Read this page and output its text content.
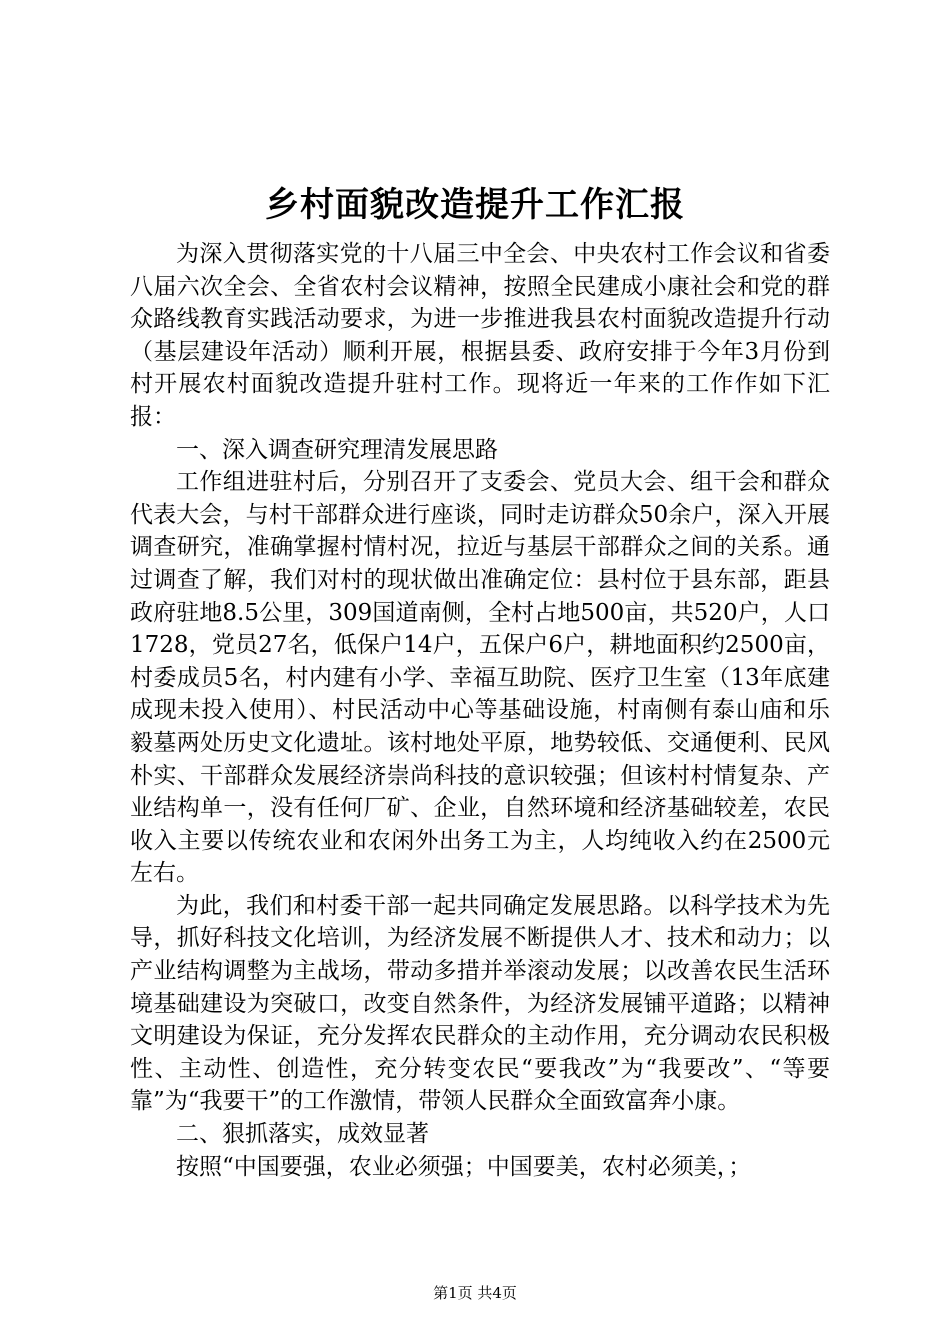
乡村面貌改造提升工作汇报

为深入贯彻落实党的十八届三中全会、中央农村工作会议和省委八届六次全会、全省农村会议精神，按照全民建成小康社会和党的群众路线教育实践活动要求，为进一步推进我县农村面貌改造提升行动（基层建设年活动）顺利开展，根据县委、政府安排于今年3月份到村开展农村面貌改造提升驻村工作。现将近一年来的工作作如下汇报：

一、深入调查研究理清发展思路

工作组进驻村后，分别召开了支委会、党员大会、组干会和群众代表大会，与村干部群众进行座谈，同时走访群众50余户，深入开展调查研究，准确掌握村情村况，拉近与基层干部群众之间的关系。通过调查了解，我们对村的现状做出准确定位：县村位于县东部，距县政府驻地8.5公里，309国道南侧，全村占地500亩，共520户，人口1728，党员27名，低保户14户，五保户6户，耕地面积约2500亩，村委成员5名，村内建有小学、幸福互助院、医疗卫生室（13年底建成现未投入使用）、村民活动中心等基础设施，村南侧有泰山庙和乐毅墓两处历史文化遗址。该村地处平原，地势较低、交通便利、民风朴实、干部群众发展经济崇尚科技的意识较强；但该村村情复杂、产业结构单一，没有任何厂矿、企业，自然环境和经济基础较差，农民收入主要以传统农业和农闲外出务工为主，人均纯收入约在2500元左右。

为此，我们和村委干部一起共同确定发展思路。以科学技术为先导，抓好科技文化培训，为经济发展不断提供人才、技术和动力；以产业结构调整为主战场，带动多措并举滚动发展；以改善农民生活环境基础建设为突破口，改变自然条件，为经济发展铺平道路；以精神文明建设为保证，充分发挥农民群众的主动作用，充分调动农民积极性、主动性、创造性，充分转变农民“要我改”为“我要改”、“等要靠”为“我要干”的工作激情，带领人民群众全面致富奔小康。

二、狠抓落实，成效显著

按照“中国要强，农业必须强；中国要美，农村必须美，；

第1页 共4页
